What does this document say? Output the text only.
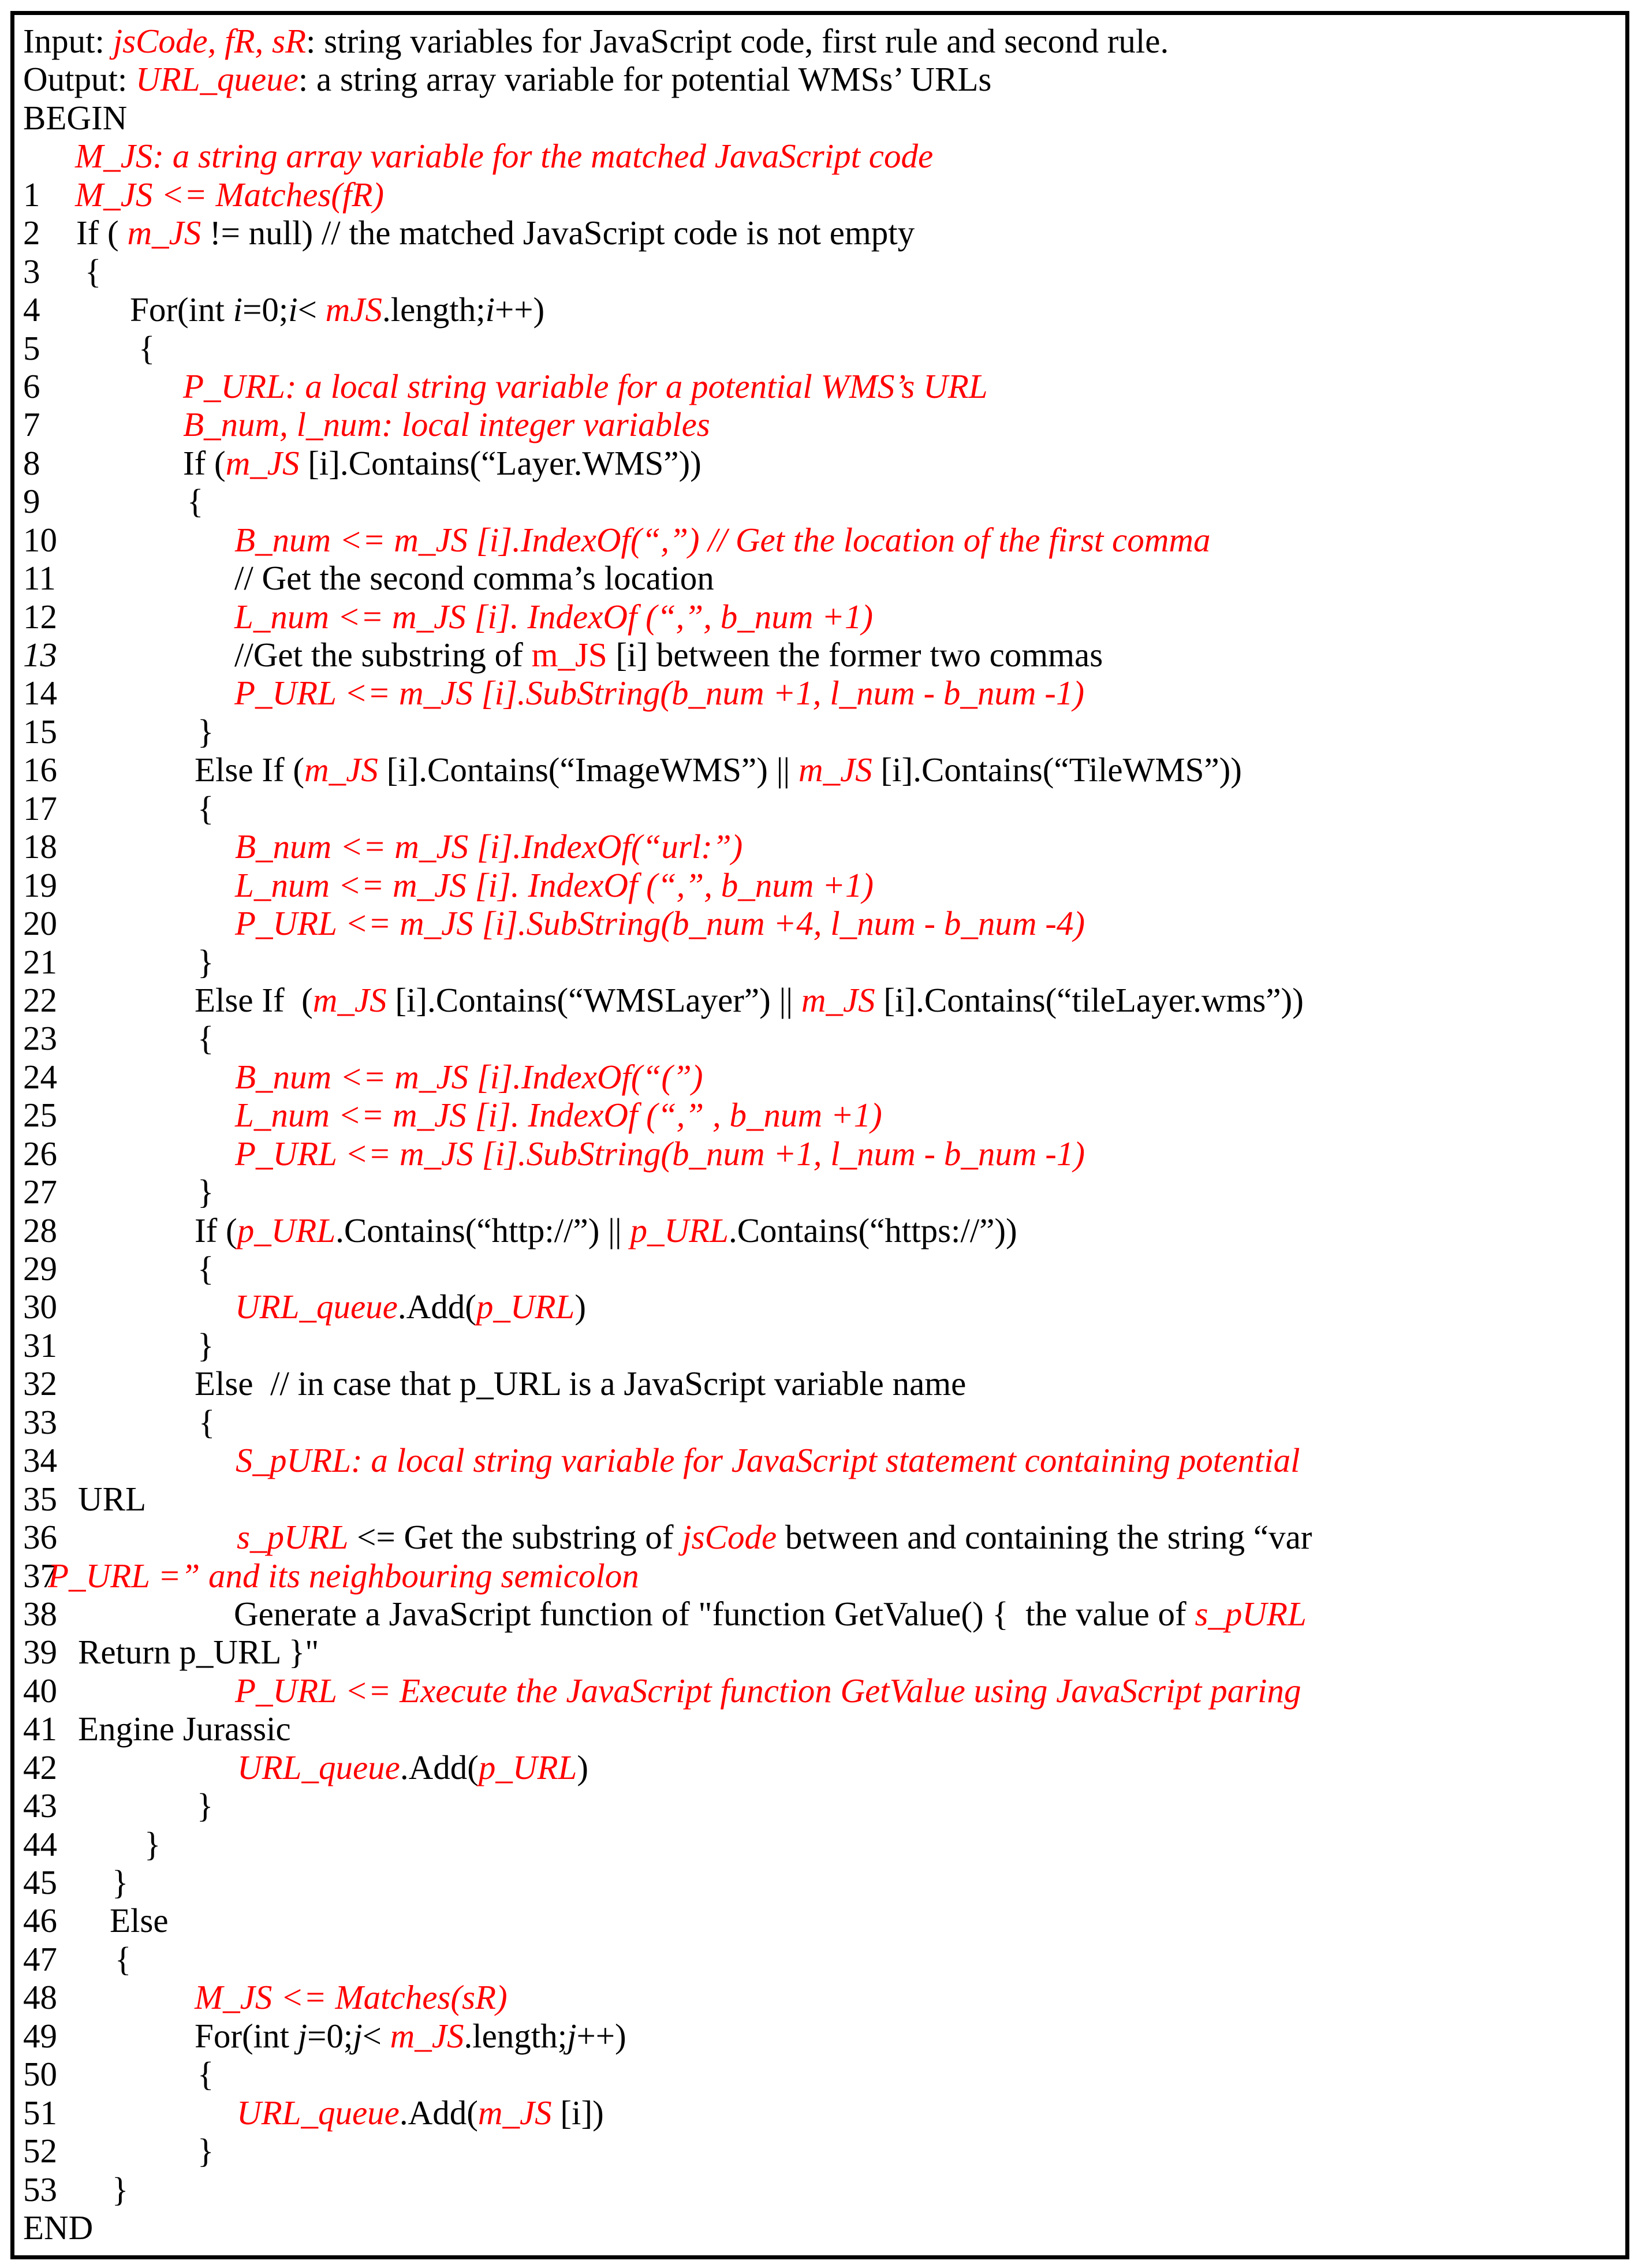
Input: jsCode, fR, sR: string variables for JavaScript code, first rule and second rule.
Output: URL_queue: a string array variable for potential WMSs’ URLs
BEGIN
M_JS: a string array variable for the matched JavaScript code
1 M_JS <= Matches(fR)
2 If ( m_JS != null) // the matched JavaScript code is not empty
3 {
4	For(int i=0;i< mJS.length;i++)
5	{
6	P_URL: a local string variable for a potential WMS’s URL
7	B_num, l_num: local integer variables
8	If (m_JS [i].Contains(“Layer.WMS”))
9	{
10	B_num <= m_JS [i].IndexOf(“,”) // Get the location of the first comma
11	// Get the second comma’s location
12	L_num <= m_JS [i]. IndexOf (“,”, b_num +1)
13	//Get the substring of m_JS [i] between the former two commas
14	P_URL <= m_JS [i].SubString(b_num +1, l_num - b_num -1)
15	}
16	Else If (m_JS [i].Contains(“ImageWMS”) || m_JS [i].Contains(“TileWMS”))
17	{
18	B_num <= m_JS [i].IndexOf(“url:”)
19	L_num <= m_JS [i]. IndexOf (“,”, b_num +1)
20	P_URL <= m_JS [i].SubString(b_num +4, l_num - b_num -4)
21	}
22	Else If  (m_JS [i].Contains(“WMSLayer”) || m_JS [i].Contains(“tileLayer.wms”))
23	{
24	B_num <= m_JS [i].IndexOf(“(”)
25	L_num <= m_JS [i]. IndexOf (“,” , b_num +1)
26	P_URL <= m_JS [i].SubString(b_num +1, l_num - b_num -1)
27	}
28	If (p_URL.Contains(“http://”) || p_URL.Contains(“https://”))
29	{
30	URL_queue.Add(p_URL)
31	}
32	Else  // in case that p_URL is a JavaScript variable name
33	{
34	S_pURL: a local string variable for JavaScript statement containing potential
35 URL
36	s_pURL <= Get the substring of jsCode between and containing the string “var
37
P_URL =” and its neighbouring semicolon
38	Generate a JavaScript function of "function GetValue() {  the value of s_pURL
39 Return p_URL }"
40	P_URL <= Execute the JavaScript function GetValue using JavaScript paring
41 Engine Jurassic
42	URL_queue.Add(p_URL)
43	}
44	}
45 }
46 Else
47 {
48	M_JS <= Matches(sR)
49	For(int j=0;j< m_JS.length;j++)
50	{
51	URL_queue.Add(m_JS [i])
52	}
53 }
END
